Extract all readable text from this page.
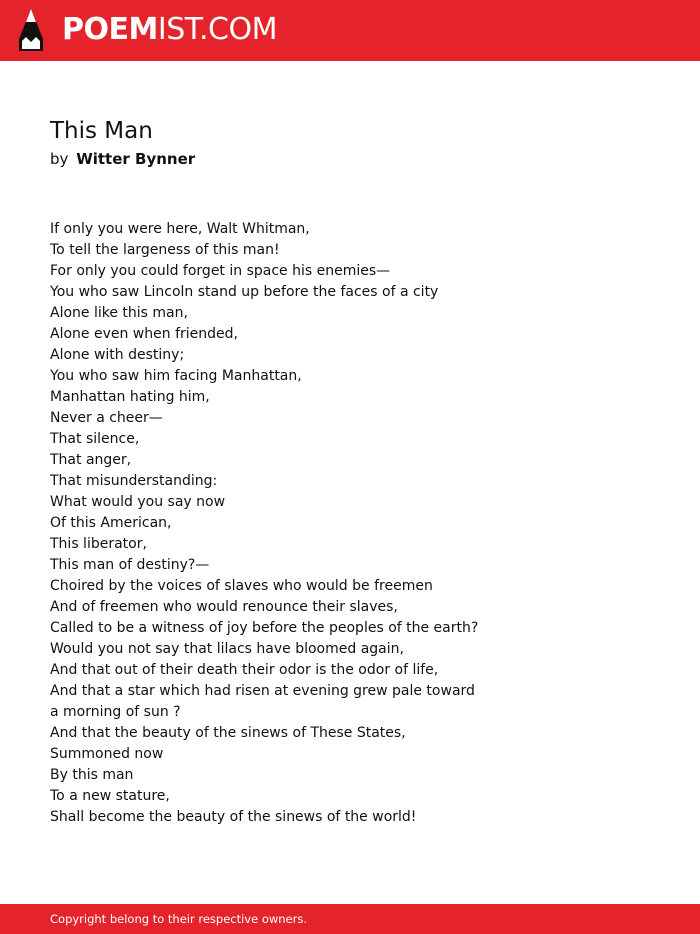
POEMIST.COM
This Man
by Witter Bynner
If only you were here, Walt Whitman,
To tell the largeness of this man!
For only you could forget in space his enemies—
You who saw Lincoln stand up before the faces of a city
Alone like this man,
Alone even when friended,
Alone with destiny;
You who saw him facing Manhattan,
Manhattan hating him,
Never a cheer—
That silence,
That anger,
That misunderstanding:
What would you say now
Of this American,
This liberator,
This man of destiny?—
Choired by the voices of slaves who would be freemen
And of freemen who would renounce their slaves,
Called to be a witness of joy before the peoples of the earth?
Would you not say that lilacs have bloomed again,
And that out of their death their odor is the odor of life,
And that a star which had risen at evening grew pale toward
a morning of sun ?
And that the beauty of the sinews of These States,
Summoned now
By this man
To a new stature,
Shall become the beauty of the sinews of the world!
Copyright belong to their respective owners.
